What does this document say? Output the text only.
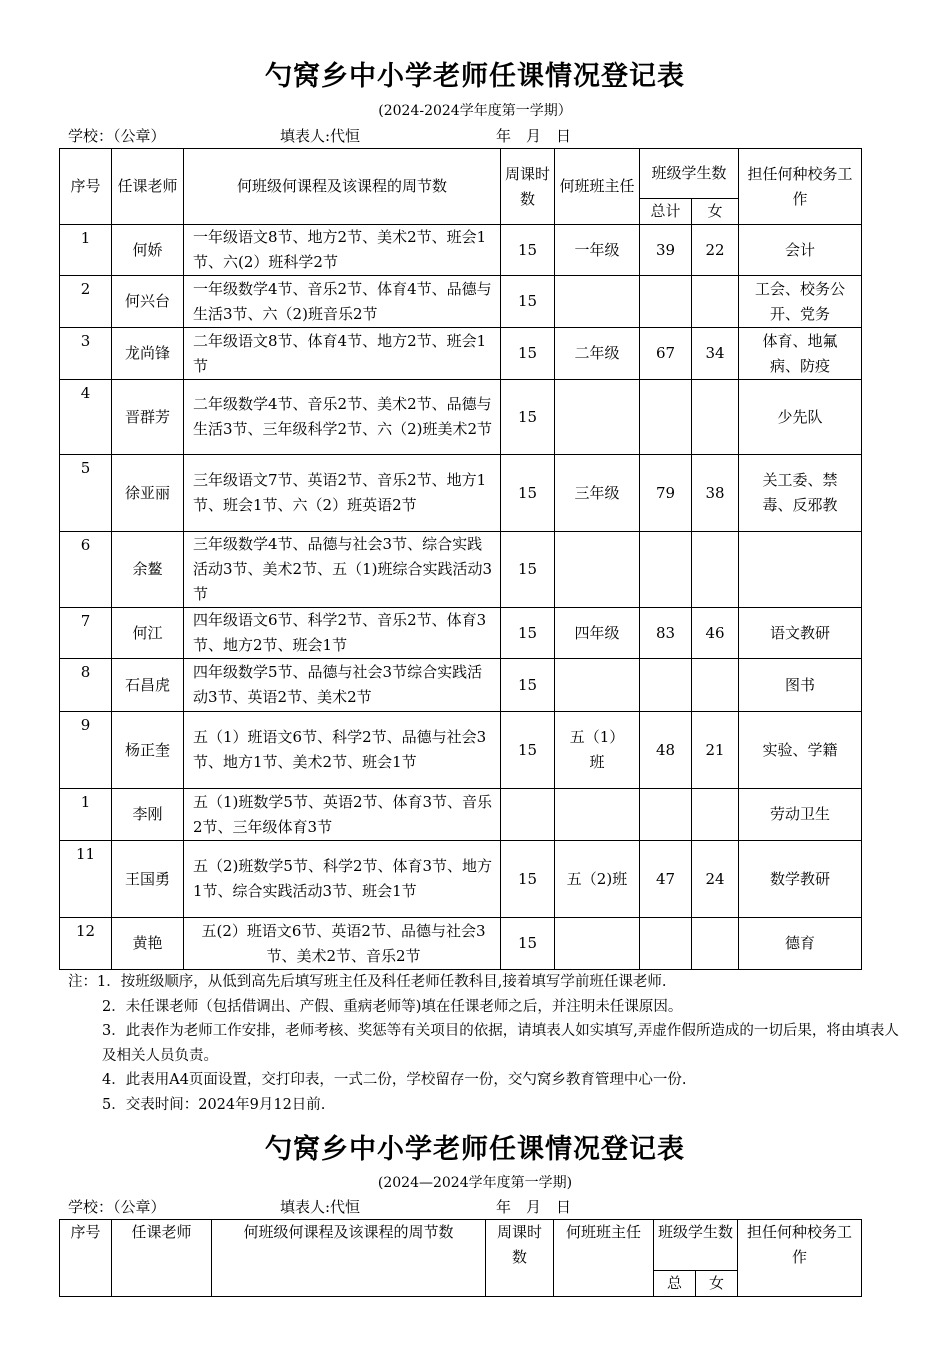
勺窝乡中小学老师任课情况登记表
(2024-2024学年度第一学期）
学校：（公章）	填表人:代恒	年　月　日
序号	任课老师	何班级何课程及该课程的周节数	周课时数	何班班主任	班级学生数		担任何种校务工作
					总计	女	
1	何娇	一年级语文8节、地方2节、美术2节、班会1节、六(2）班科学2节	15	一年级	39	22	会计
2	何兴台	一年级数学4节、音乐2节、体育4节、品德与生活3节、六（2)班音乐2节	15				工会、校务公开、党务
3	龙尚锋	二年级语文8节、体育4节、地方2节、班会1节	15	二年级	67	34	体育、地氟病、防疫
4	晋群芳	二年级数学4节、音乐2节、美术2节、品德与生活3节、三年级科学2节、六（2)班美术2节	15				少先队
5	徐亚丽	三年级语文7节、英语2节、音乐2节、地方1节、班会1节、六（2）班英语2节	15	三年级	79	38	关工委、禁毒、反邪教
6	余鳌	三年级数学4节、品德与社会3节、综合实践活动3节、美术2节、五（1)班综合实践活动3节	15				
7	何江	四年级语文6节、科学2节、音乐2节、体育3节、地方2节、班会1节	15	四年级	83	46	语文教研
8	石昌虎	四年级数学5节、品德与社会3节综合实践活动3节、英语2节、美术2节	15				图书
9	杨正奎	五（1）班语文6节、科学2节、品德与社会3节、地方1节、美术2节、班会1节	15	五（1）班	48	21	实验、学籍
1	李刚	五（1)班数学5节、英语2节、体育3节、音乐2节、三年级体育3节					劳动卫生
11	王国勇	五（2)班数学5节、科学2节、体育3节、地方1节、综合实践活动3节、班会1节	15	五（2)班	47	24	数学教研
12	黄艳	五(2）班语文6节、英语2节、品德与社会3节、美术2节、音乐2节	15				德育

注：1．按班级顺序，从低到高先后填写班主任及科任老师任教科目,接着填写学前班任课老师.

2．未任课老师（包括借调出、产假、重病老师等)填在任课老师之后，并注明未任课原因。

3．此表作为老师工作安排，老师考核、奖惩等有关项目的依据，请填表人如实填写,弄虚作假所造成的一切后果，将由填表人及相关人员负责。

4．此表用A4页面设置，交打印表，一式二份，学校留存一份，交勺窝乡教育管理中心一份.

5．交表时间：2024年9月12日前.

勺窝乡中小学老师任课情况登记表
(2024—2024学年度第一学期)
学校：（公章）	填表人:代恒	年　月　日
序号	任课老师	何班级何课程及该课程的周节数	周课时数	何班班主任	班级学生数		担任何种校务工作
					总	女	
